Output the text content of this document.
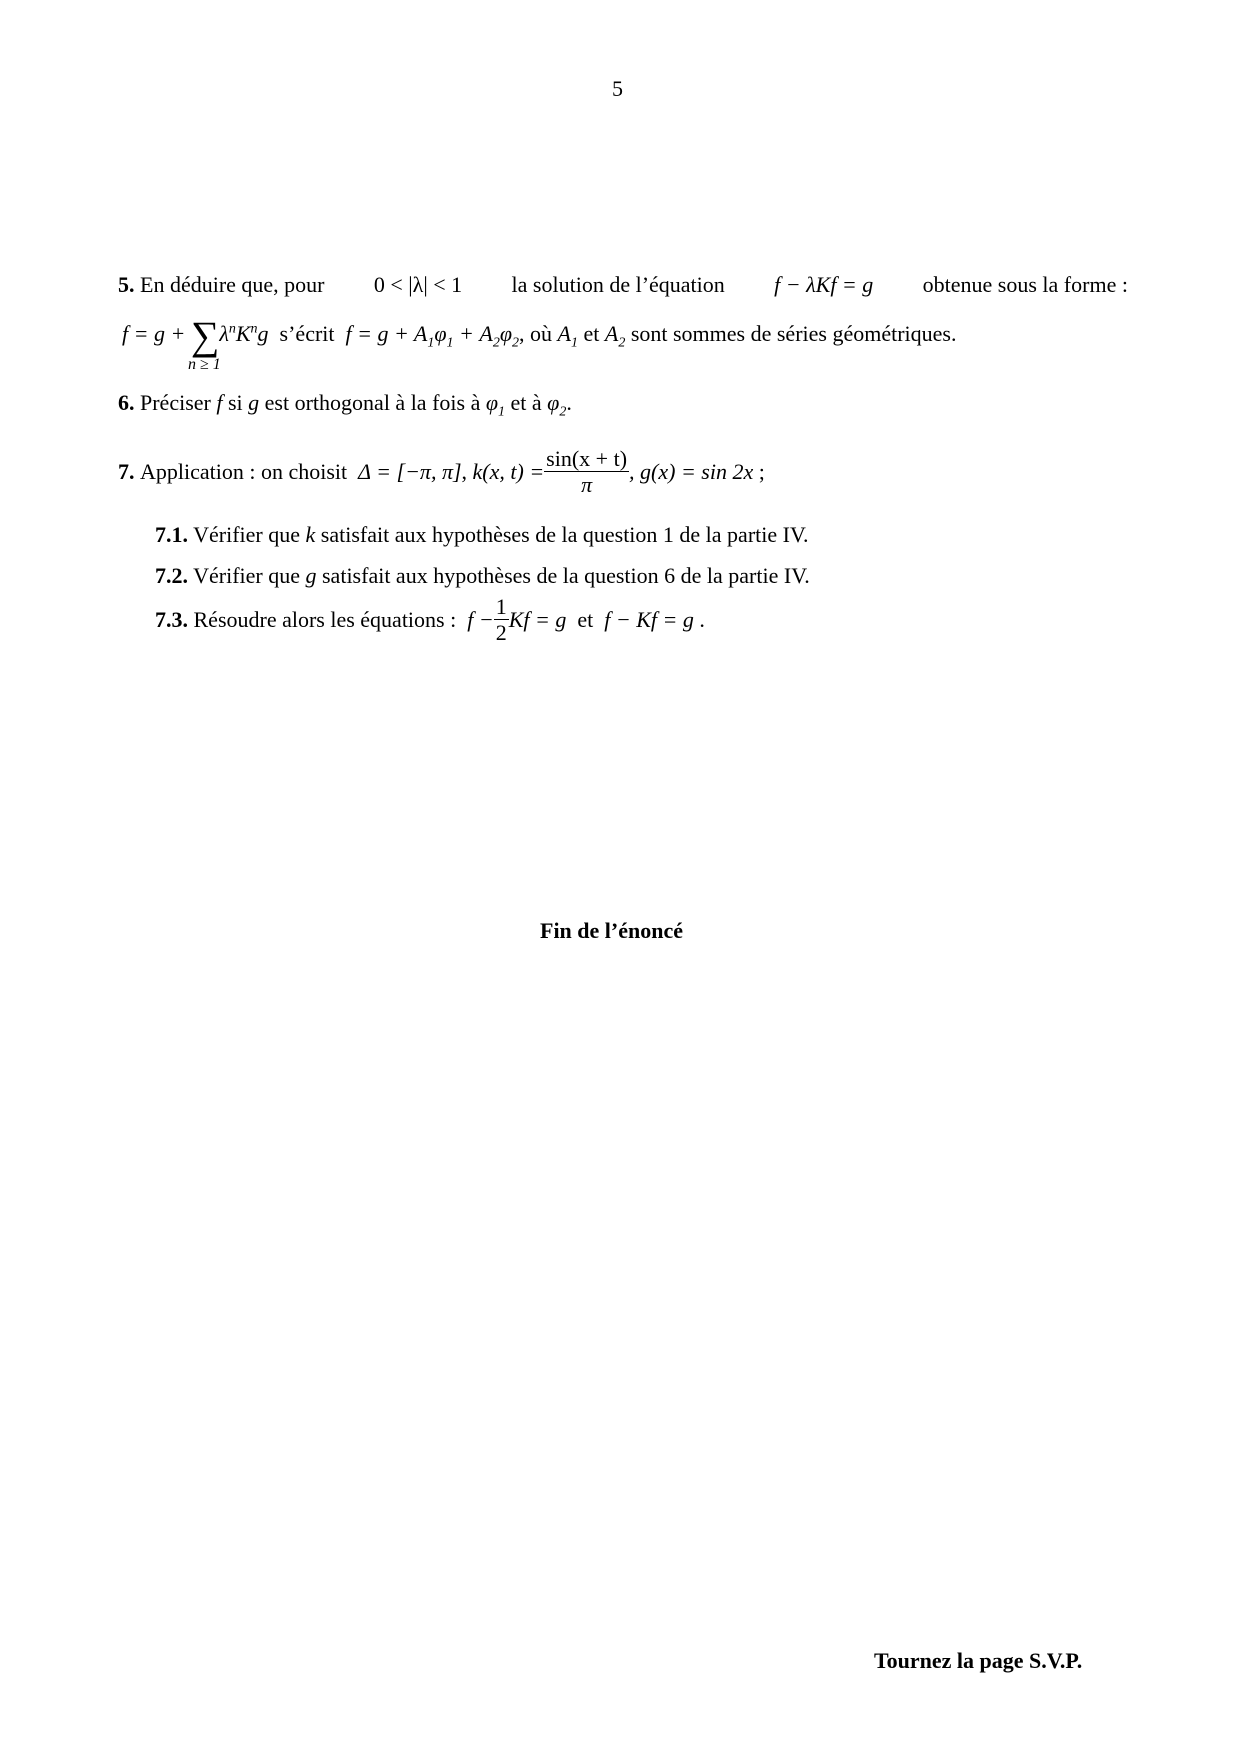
5
5. En déduire que, pour 0 < |λ| < 1 la solution de l’équation f − λKf = g obtenue sous la forme :
$f = g + \sum\lambda^nK^ng$ s’écrit $f = g + A_1\varphi_1 + A_2\varphi_2$, où $A_1$ et $A_2$ sont sommes de séries géométriques.
n ≥ 1
6. Préciser f si g est orthogonal à la fois à $\varphi_1$ et à $\varphi_2$.
7.
Application : on choisit
Δ = [−π, π] , k(x, $t) = \frac{\sin(x + t)}{\pi}$ , g(x) = sin 2x
;
7.1. Vérifier que k satisfait aux hypothèses de la question 1 de la partie IV.
7.2. Vérifier que g satisfait aux hypothèses de la question 6 de la partie IV.
7.3.
Résoudre alors les équations :
$f - \frac{1}{2}$ Kf = g
et
f − Kf = g
.
Fin de l’énoncé
Tournez la page S.V.P.
